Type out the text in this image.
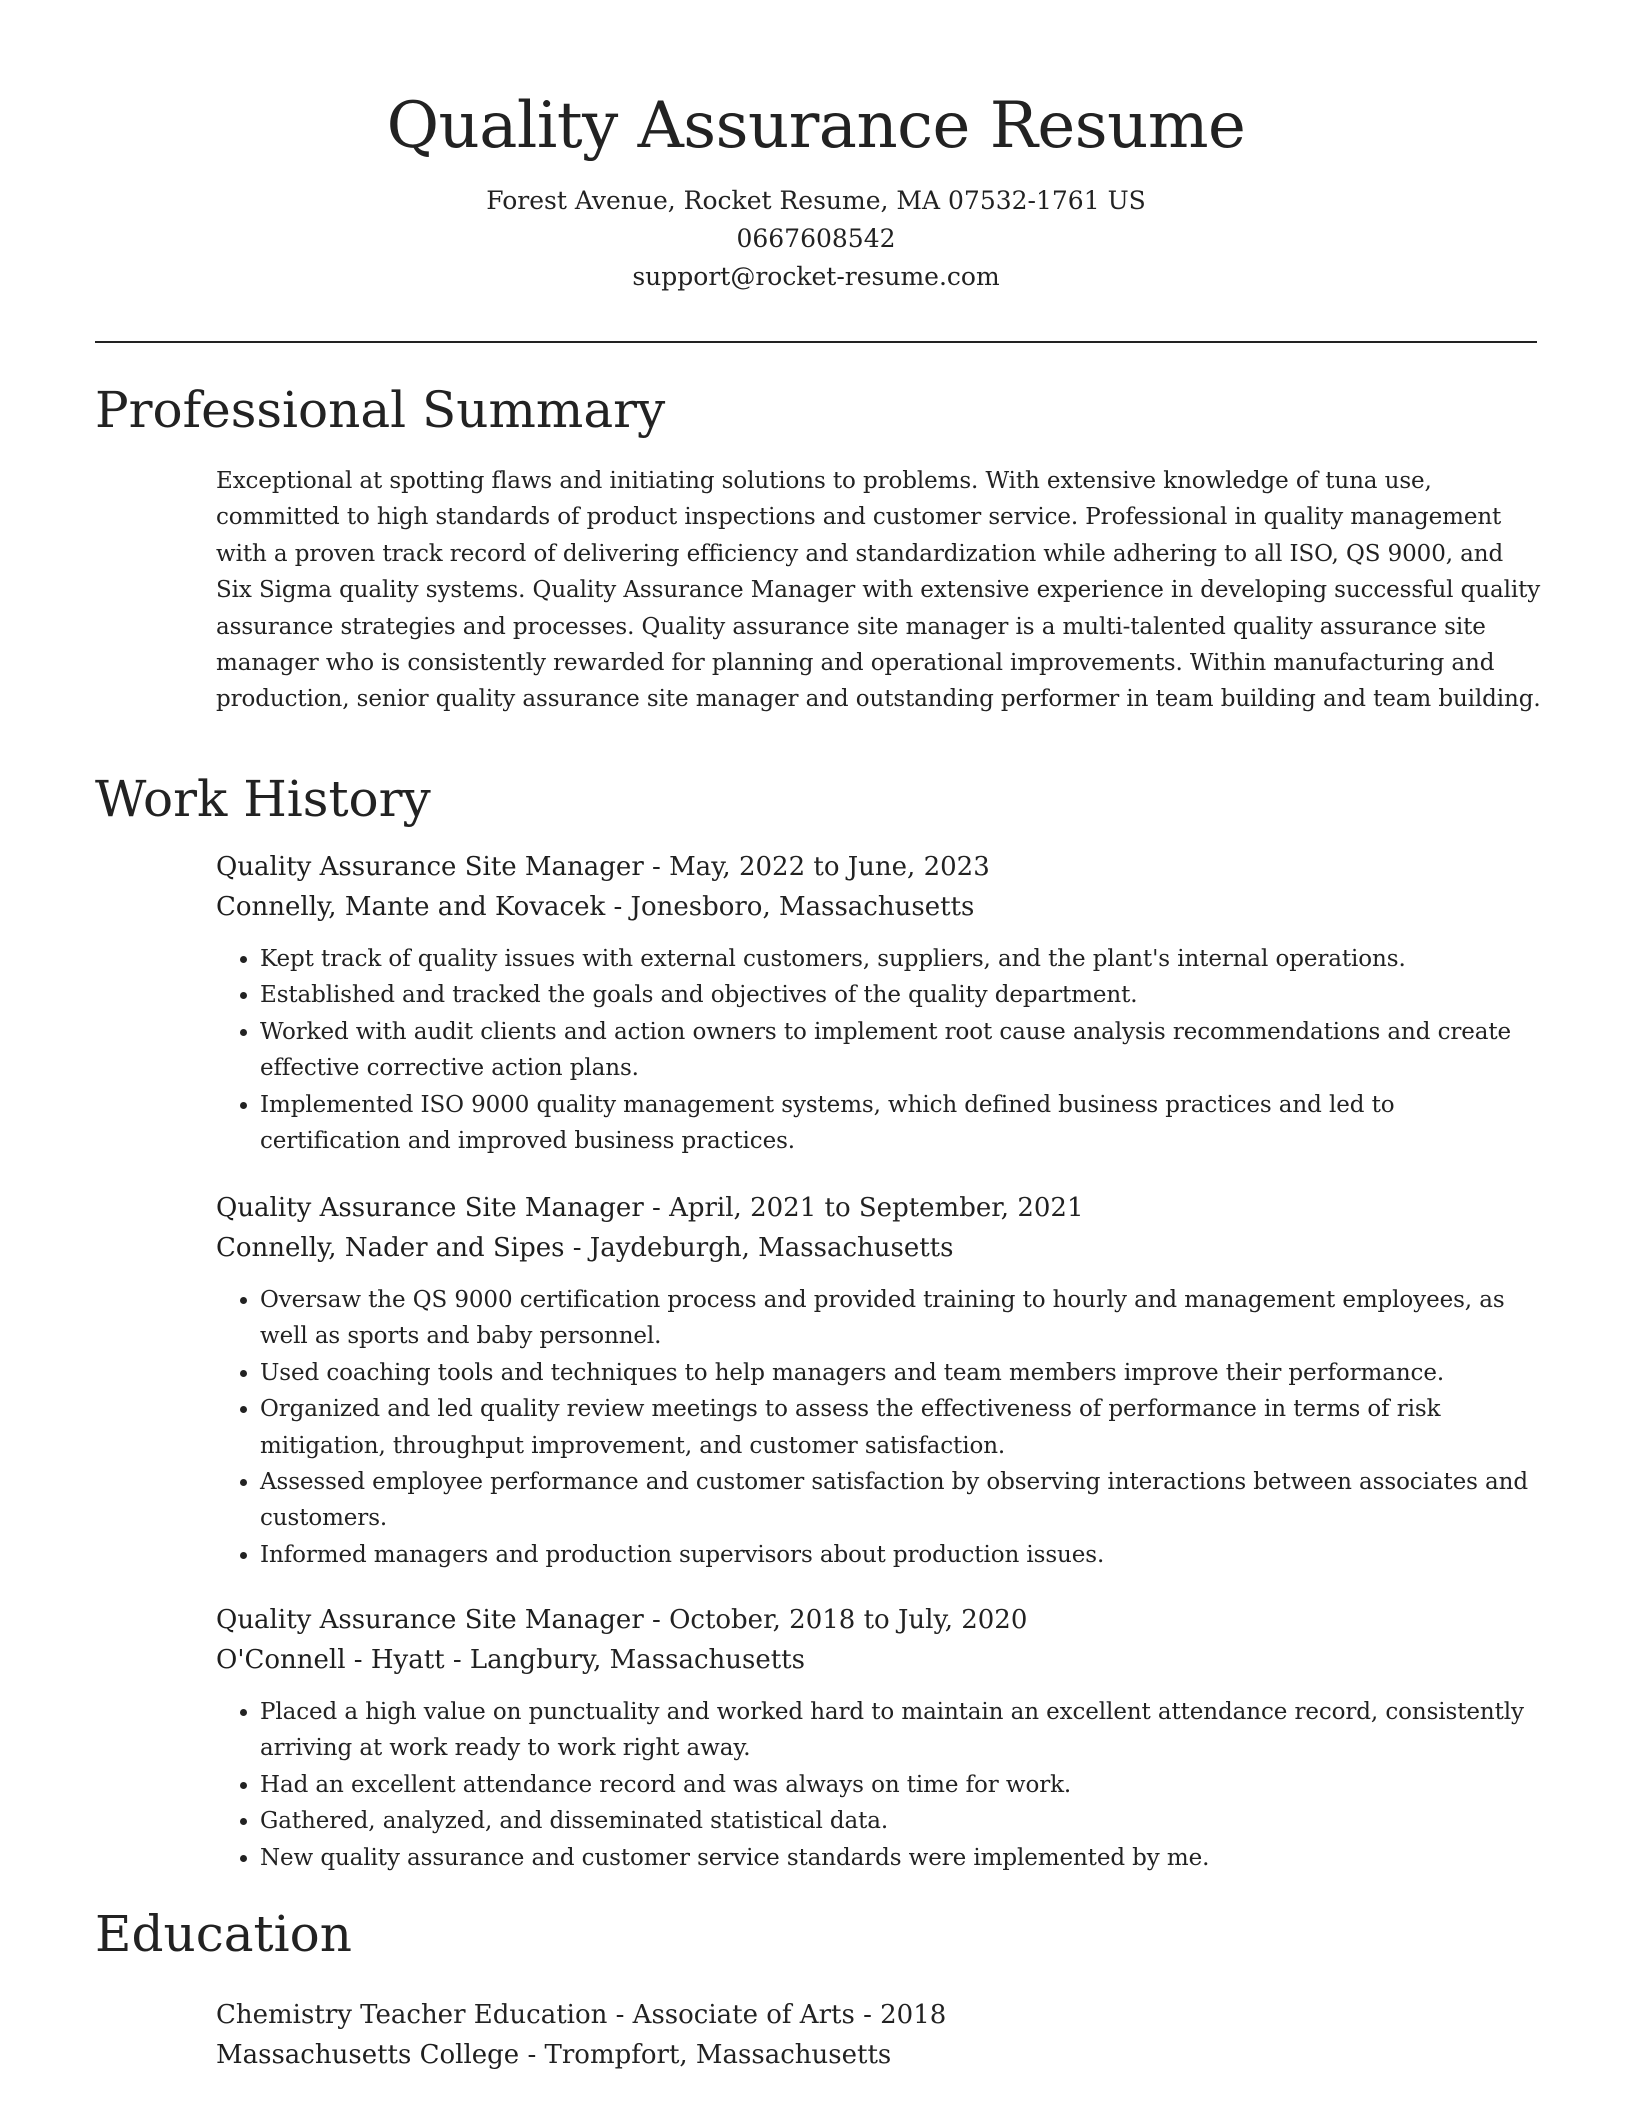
Quality Assurance Resume
Forest Avenue, Rocket Resume, MA 07532-1761 US
0667608542
support@rocket-resume.com
Professional Summary

Exceptional at spotting flaws and initiating solutions to problems. With extensive knowledge of tuna use, committed to high standards of product inspections and customer service. Professional in quality management with a proven track record of delivering efficiency and standardization while adhering to all ISO, QS 9000, and Six Sigma quality systems. Quality Assurance Manager with extensive experience in developing successful quality assurance strategies and processes. Quality assurance site manager is a multi-talented quality assurance site manager who is consistently rewarded for planning and operational improvements. Within manufacturing and production, senior quality assurance site manager and outstanding performer in team building and team building.

Work History
Quality Assurance Site Manager - May, 2022 to June, 2023
Connelly, Mante and Kovacek - Jonesboro, Massachusetts
• Kept track of quality issues with external customers, suppliers, and the plant's internal operations.
• Established and tracked the goals and objectives of the quality department.
• Worked with audit clients and action owners to implement root cause analysis recommendations and create effective corrective action plans.
• Implemented ISO 9000 quality management systems, which defined business practices and led to certification and improved business practices.
Quality Assurance Site Manager - April, 2021 to September, 2021
Connelly, Nader and Sipes - Jaydeburgh, Massachusetts
• Oversaw the QS 9000 certification process and provided training to hourly and management employees, as well as sports and baby personnel.
• Used coaching tools and techniques to help managers and team members improve their performance.
• Organized and led quality review meetings to assess the effectiveness of performance in terms of risk mitigation, throughput improvement, and customer satisfaction.
• Assessed employee performance and customer satisfaction by observing interactions between associates and customers.
• Informed managers and production supervisors about production issues.
Quality Assurance Site Manager - October, 2018 to July, 2020
O'Connell - Hyatt - Langbury, Massachusetts
• Placed a high value on punctuality and worked hard to maintain an excellent attendance record, consistently arriving at work ready to work right away.
• Had an excellent attendance record and was always on time for work.
• Gathered, analyzed, and disseminated statistical data.
• New quality assurance and customer service standards were implemented by me.
Education
Chemistry Teacher Education - Associate of Arts - 2018
Massachusetts College - Trompfort, Massachusetts
